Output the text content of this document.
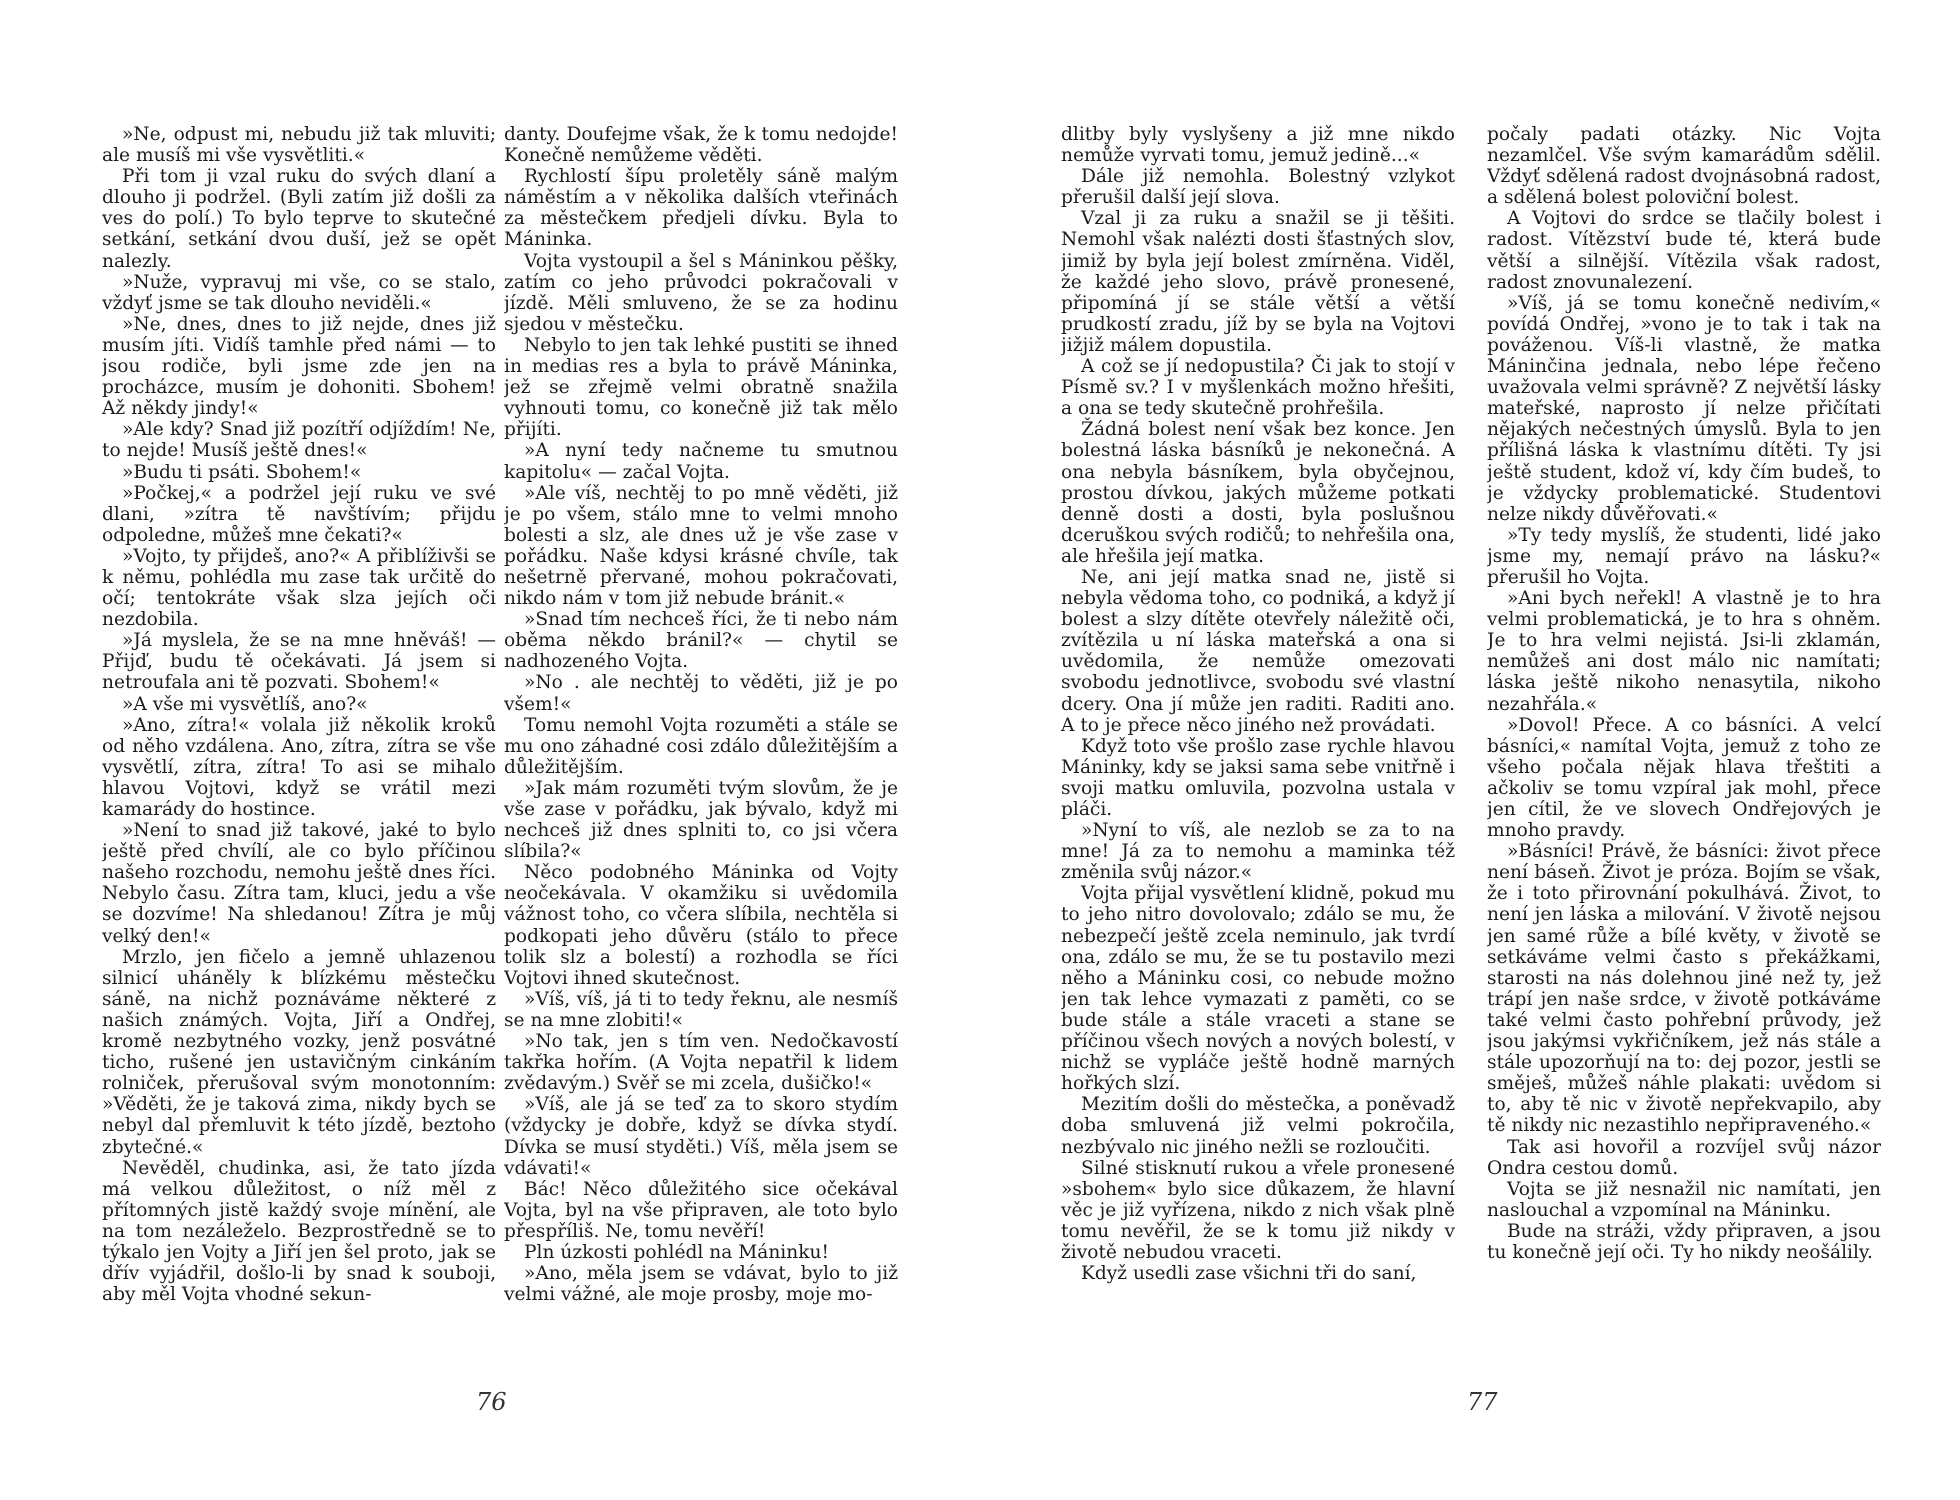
»Ne, odpust mi, nebudu již tak mluviti; ale musíš mi vše vysvětliti.«

Při tom ji vzal ruku do svých dlaní a dlouho ji podržel. (Byli zatím již došli za ves do polí.) To bylo teprve to skutečné setkání, setkání dvou duší, jež se opět nalezly.

»Nuže, vypravuj mi vše, co se stalo, vždyť jsme se tak dlouho neviděli.«

»Ne, dnes, dnes to již nejde, dnes již musím jíti. Vidíš tamhle před námi — to jsou rodiče, byli jsme zde jen na procházce, musím je dohoniti. Sbohem! Až někdy jindy!«

»Ale kdy? Snad již pozítří odjíždím! Ne, to nejde! Musíš ještě dnes!«

»Budu ti psáti. Sbohem!«

»Počkej,« a podržel její ruku ve své dlani, »zítra tě navštívím; přijdu odpoledne, můžeš mne čekati?«

»Vojto, ty přijdeš, ano?« A přiblíživši se k němu, pohlédla mu zase tak určitě do očí; tentokráte však slza jejích oči nezdobila.

»Já myslela, že se na mne hněváš! — Přijď, budu tě očekávati. Já jsem si netroufala ani tě pozvati. Sbohem!«

»A vše mi vysvětlíš, ano?«

»Ano, zítra!« volala již několik kroků od něho vzdálena. Ano, zítra, zítra se vše vysvětlí, zítra, zítra! To asi se mihalo hlavou Vojtovi, když se vrátil mezi kamarády do hostince.

»Není to snad již takové, jaké to bylo ještě před chvílí, ale co bylo příčinou našeho rozchodu, nemohu ještě dnes říci. Nebylo času. Zítra tam, kluci, jedu a vše se dozvíme! Na shledanou! Zítra je můj velký den!«

Mrzlo, jen fičelo a jemně uhlazenou silnicí uháněly k blízkému městečku sáně, na nichž poznáváme některé z našich známých. Vojta, Jiří a Ondřej, kromě nezbytného vozky, jenž posvátné ticho, rušené jen ustavičným cinkáním rolniček, přerušoval svým monotonním: »Věděti, že je taková zima, nikdy bych se nebyl dal přemluvit k této jízdě, beztoho zbytečné.«

Nevěděl, chudinka, asi, že tato jízda má velkou důležitost, o níž měl z přítomných jistě každý svoje mínění, ale na tom nezáleželo. Bezprostředně se to týkalo jen Vojty a Jiří jen šel proto, jak se dřív vyjádřil, došlo-li by snad k souboji, aby měl Vojta vhodné sekun-

danty. Doufejme však, že k tomu nedojde! Konečně nemůžeme věděti.

Rychlostí šípu proletěly sáně malým náměstím a v několika dalších vteřinách za městečkem předjeli dívku. Byla to Máninka.

Vojta vystoupil a šel s Máninkou pěšky, zatím co jeho průvodci pokračovali v jízdě. Měli smluveno, že se za hodinu sjedou v městečku.

Nebylo to jen tak lehké pustiti se ihned in medias res a byla to právě Máninka, jež se zřejmě velmi obratně snažila vyhnouti tomu, co konečně již tak mělo přijíti.

»A nyní tedy načneme tu smutnou kapitolu« — začal Vojta.

»Ale víš, nechtěj to po mně věděti, již je po všem, stálo mne to velmi mnoho bolesti a slz, ale dnes už je vše zase v pořádku. Naše kdysi krásné chvíle, tak nešetrně přervané, mohou pokračovati, nikdo nám v tom již nebude bránit.«

»Snad tím nechceš říci, že ti nebo nám oběma někdo bránil?« — chytil se nadhozeného Vojta.

»No . ale nechtěj to věděti, již je po všem!«

Tomu nemohl Vojta rozuměti a stále se mu ono záhadné cosi zdálo důležitějším a důležitějším.

»Jak mám rozuměti tvým slovům, že je vše zase v pořádku, jak bývalo, když mi nechceš již dnes splniti to, co jsi včera slíbila?«

Něco podobného Máninka od Vojty neočekávala. V okamžiku si uvědomila vážnost toho, co včera slíbila, nechtěla si podkopati jeho důvěru (stálo to přece tolik slz a bolestí) a rozhodla se říci Vojtovi ihned skutečnost.

»Víš, víš, já ti to tedy řeknu, ale nesmíš se na mne zlobiti!«

»No tak, jen s tím ven. Nedočkavostí takřka hořím. (A Vojta nepatřil k lidem zvědavým.) Svěř se mi zcela, dušičko!«

»Víš, ale já se teď za to skoro stydím (vždycky je dobře, když se dívka stydí. Dívka se musí styděti.) Víš, měla jsem se vdávati!«

Bác! Něco důležitého sice očekával Vojta, byl na vše připraven, ale toto bylo přespříliš. Ne, tomu nevěří!

Pln úzkosti pohlédl na Máninku!

»Ano, měla jsem se vdávat, bylo to již velmi vážné, ale moje prosby, moje mo-

dlitby byly vyslyšeny a již mne nikdo nemůže vyrvati tomu, jemuž jedině...«

Dále již nemohla. Bolestný vzlykot přerušil další její slova.

Vzal ji za ruku a snažil se ji těšiti. Nemohl však nalézti dosti šťastných slov, jimiž by byla její bolest zmírněna. Viděl, že každé jeho slovo, právě pronesené, připomíná jí se stále větší a větší prudkostí zradu, jíž by se byla na Vojtovi jižjiž málem dopustila.

A což se jí nedopustila? Či jak to stojí v Písmě sv.? I v myšlenkách možno hřešiti, a ona se tedy skutečně prohřešila.

Žádná bolest není však bez konce. Jen bolestná láska básníků je nekonečná. A ona nebyla básníkem, byla obyčejnou, prostou dívkou, jakých můžeme potkati denně dosti a dosti, byla poslušnou dceruškou svých rodičů; to nehřešila ona, ale hřešila její matka.

Ne, ani její matka snad ne, jistě si nebyla vědoma toho, co podniká, a když jí bolest a slzy dítěte otevřely náležitě oči, zvítězila u ní láska mateřská a ona si uvědomila, že nemůže omezovati svobodu jednotlivce, svobodu své vlastní dcery. Ona jí může jen raditi. Raditi ano. A to je přece něco jiného než provádati.

Když toto vše prošlo zase rychle hlavou Máninky, kdy se jaksi sama sebe vnitřně i svoji matku omluvila, pozvolna ustala v pláči.

»Nyní to víš, ale nezlob se za to na mne! Já za to nemohu a maminka též změnila svůj názor.«

Vojta přijal vysvětlení klidně, pokud mu to jeho nitro dovolovalo; zdálo se mu, že nebezpečí ještě zcela neminulo, jak tvrdí ona, zdálo se mu, že se tu postavilo mezi něho a Máninku cosi, co nebude možno jen tak lehce vymazati z paměti, co se bude stále a stále vraceti a stane se příčinou všech nových a nových bolestí, v nichž se vypláče ještě hodně marných hořkých slzí.

Mezitím došli do městečka, a poněvadž doba smluvená již velmi pokročila, nezbývalo nic jiného nežli se rozloučiti.

Silné stisknutí rukou a vřele pronesené »sbohem« bylo sice důkazem, že hlavní věc je již vyřízena, nikdo z nich však plně tomu nevěřil, že se k tomu již nikdy v životě nebudou vraceti.

Když usedli zase všichni tři do saní,

počaly padati otázky. Nic Vojta nezamlčel. Vše svým kamarádům sdělil. Vždyť sdělená radost dvojnásobná radost, a sdělená bolest poloviční bolest.

A Vojtovi do srdce se tlačily bolest i radost. Vítězství bude té, která bude větší a silnější. Vítězila však radost, radost znovunalezení.

»Víš, já se tomu konečně nedivím,« povídá Ondřej, »vono je to tak i tak na pováženou. Víš-li vlastně, že matka Máninčina jednala, nebo lépe řečeno uvažovala velmi správně? Z největší lásky mateřské, naprosto jí nelze přičítati nějakých nečestných úmyslů. Byla to jen přílišná láska k vlastnímu dítěti. Ty jsi ještě student, kdož ví, kdy čím budeš, to je vždycky problematické. Studentovi nelze nikdy důvěřovati.«

»Ty tedy myslíš, že studenti, lidé jako jsme my, nemají právo na lásku?« přerušil ho Vojta.

»Ani bych neřekl! A vlastně je to hra velmi problematická, je to hra s ohněm. Je to hra velmi nejistá. Jsi-li zklamán, nemůžeš ani dost málo nic namítati; láska ještě nikoho nenasytila, nikoho nezahřála.«

»Dovol! Přece. A co básníci. A velcí básníci,« namítal Vojta, jemuž z toho ze všeho počala nějak hlava třeštiti a ačkoliv se tomu vzpíral jak mohl, přece jen cítil, že ve slovech Ondřejových je mnoho pravdy.

»Básníci! Právě, že básníci: život přece není báseň. Život je próza. Bojím se však, že i toto přirovnání pokulhává. Život, to není jen láska a milování. V životě nejsou jen samé růže a bílé květy, v životě se setkáváme velmi často s překážkami, starosti na nás dolehnou jiné než ty, jež trápí jen naše srdce, v životě potkáváme také velmi často pohřební průvody, jež jsou jakýmsi vykřičníkem, jež nás stále a stále upozorňují na to: dej pozor, jestli se směješ, můžeš náhle plakati: uvědom si to, aby tě nic v životě nepřekvapilo, aby tě nikdy nic nezastihlo nepřipraveného.«

Tak asi hovořil a rozvíjel svůj názor Ondra cestou domů.

Vojta se již nesnažil nic namítati, jen naslouchal a vzpomínal na Máninku.

Bude na stráži, vždy připraven, a jsou tu konečně její oči. Ty ho nikdy neošálily.

76	77
